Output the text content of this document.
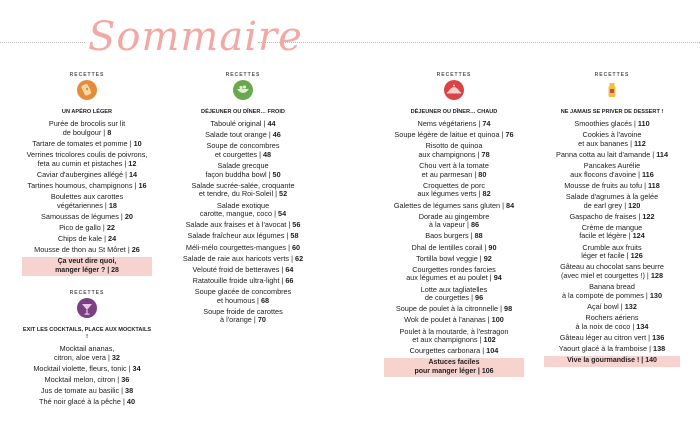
Sommaire
RECETTES
UN APÉRO LÉGER
Purée de brocolis sur lit
de boulgour | 8
Tartare de tomates et pomme | 10
Verrines tricolores coulis de poivrons,
feta au cumin et pistaches | 12
Caviar d'aubergines allégé | 14
Tartines houmous, champignons | 16
Boulettes aux carottes
végétariennes | 18
Samoussas de légumes | 20
Pico de gallo | 22
Chips de kale | 24
Mousse de thon au St Môret | 26
Ça veut dire quoi,
manger léger ? | 28
RECETTES
EXIT LES COCKTAILS, PLACE AUX MOCKTAILS !
Mocktail ananas,
citron, aloe vera | 32
Mocktail violette, fleurs, tonic | 34
Mocktail melon, citron | 36
Jus de tomate au basilic | 38
Thé noir glacé à la pêche | 40
RECETTES
DÉJEUNER OU DÎNER… FROID
Taboulé original | 44
Salade tout orange | 46
Soupe de concombres
et courgettes | 48
Salade grecque
façon buddha bowl | 50
Salade sucrée-salée, croquante
et tendre, du Roi-Soleil | 52
Salade exotique
carotte, mangue, coco | 54
Salade aux fraises et à l'avocat | 56
Salade fraîcheur aux légumes | 58
Méli-mélo courgettes-mangues | 60
Salade de raie aux haricots verts | 62
Velouté froid de betteraves | 64
Ratatouille froide ultra-light | 66
Soupe glacée de concombres
et houmous | 68
Soupe froide de carottes
à l'orange | 70
RECETTES
DÉJEUNER OU DÎNER… CHAUD
Nems végétariens | 74
Soupe légère de laitue et quinoa | 76
Risotto de quinoa
aux champignons | 78
Chou vert à la tomate
et au parmesan | 80
Croquettes de porc
aux légumes verts | 82
Galettes de légumes sans gluten | 84
Dorade au gingembre
à la vapeur | 86
Baos burgers | 88
Dhal de lentilles corail | 90
Tortilla bowl veggie | 92
Courgettes rondes farcies
aux légumes et au poulet | 94
Lotte aux tagliatelles
de courgettes | 96
Soupe de poulet à la citronnelle | 98
Wok de poulet à l'ananas | 100
Poulet à la moutarde, à l'estragon
et aux champignons | 102
Courgettes carbonara | 104
Astuces faciles
pour manger léger | 106
RECETTES
NE JAMAIS SE PRIVER DE DESSERT !
Smoothies glacés | 110
Cookies à l'avoine
et aux bananes | 112
Panna cotta au lait d'amande | 114
Pancakes Aurélie
aux flocons d'avoine | 116
Mousse de fruits au tofu | 118
Salade d'agrumes à la gelée
de earl grey | 120
Gaspacho de fraises | 122
Crème de mangue
facile et légère | 124
Crumble aux fruits
léger et facile | 126
Gâteau au chocolat sans beurre
(avec miel et courgettes !) | 128
Banana bread
à la compote de pommes | 130
Açaí bowl | 132
Rochers aériens
à la noix de coco | 134
Gâteau léger au citron vert | 136
Yaourt glacé à la framboise | 138
Vive la gourmandise ! | 140
